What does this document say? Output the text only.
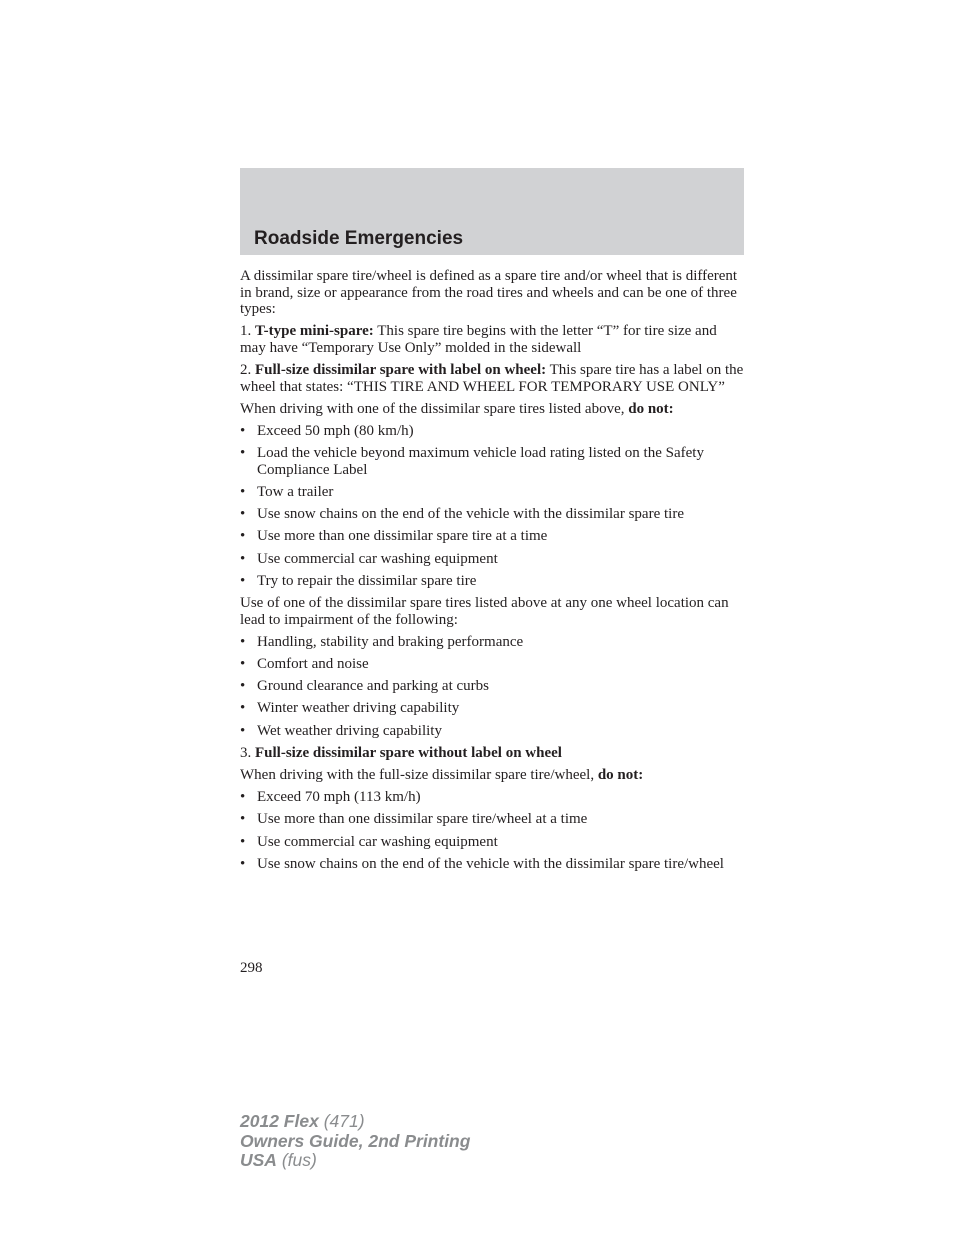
Roadside Emergencies

A dissimilar spare tire/wheel is defined as a spare tire and/or wheel that is different in brand, size or appearance from the road tires and wheels and can be one of three types:

1. T-type mini-spare: This spare tire begins with the letter “T” for tire size and may have “Temporary Use Only” molded in the sidewall

2. Full-size dissimilar spare with label on wheel: This spare tire has a label on the wheel that states: “THIS TIRE AND WHEEL FOR TEMPORARY USE ONLY”

When driving with one of the dissimilar spare tires listed above, do not:

• Exceed 50 mph (80 km/h)
• Load the vehicle beyond maximum vehicle load rating listed on the Safety Compliance Label
• Tow a trailer
• Use snow chains on the end of the vehicle with the dissimilar spare tire
• Use more than one dissimilar spare tire at a time
• Use commercial car washing equipment
• Try to repair the dissimilar spare tire

Use of one of the dissimilar spare tires listed above at any one wheel location can lead to impairment of the following:

• Handling, stability and braking performance
• Comfort and noise
• Ground clearance and parking at curbs
• Winter weather driving capability
• Wet weather driving capability

3. Full-size dissimilar spare without label on wheel

When driving with the full-size dissimilar spare tire/wheel, do not:

• Exceed 70 mph (113 km/h)
• Use more than one dissimilar spare tire/wheel at a time
• Use commercial car washing equipment
• Use snow chains on the end of the vehicle with the dissimilar spare tire/wheel
298
2012 Flex (471)
Owners Guide, 2nd Printing
USA (fus)
